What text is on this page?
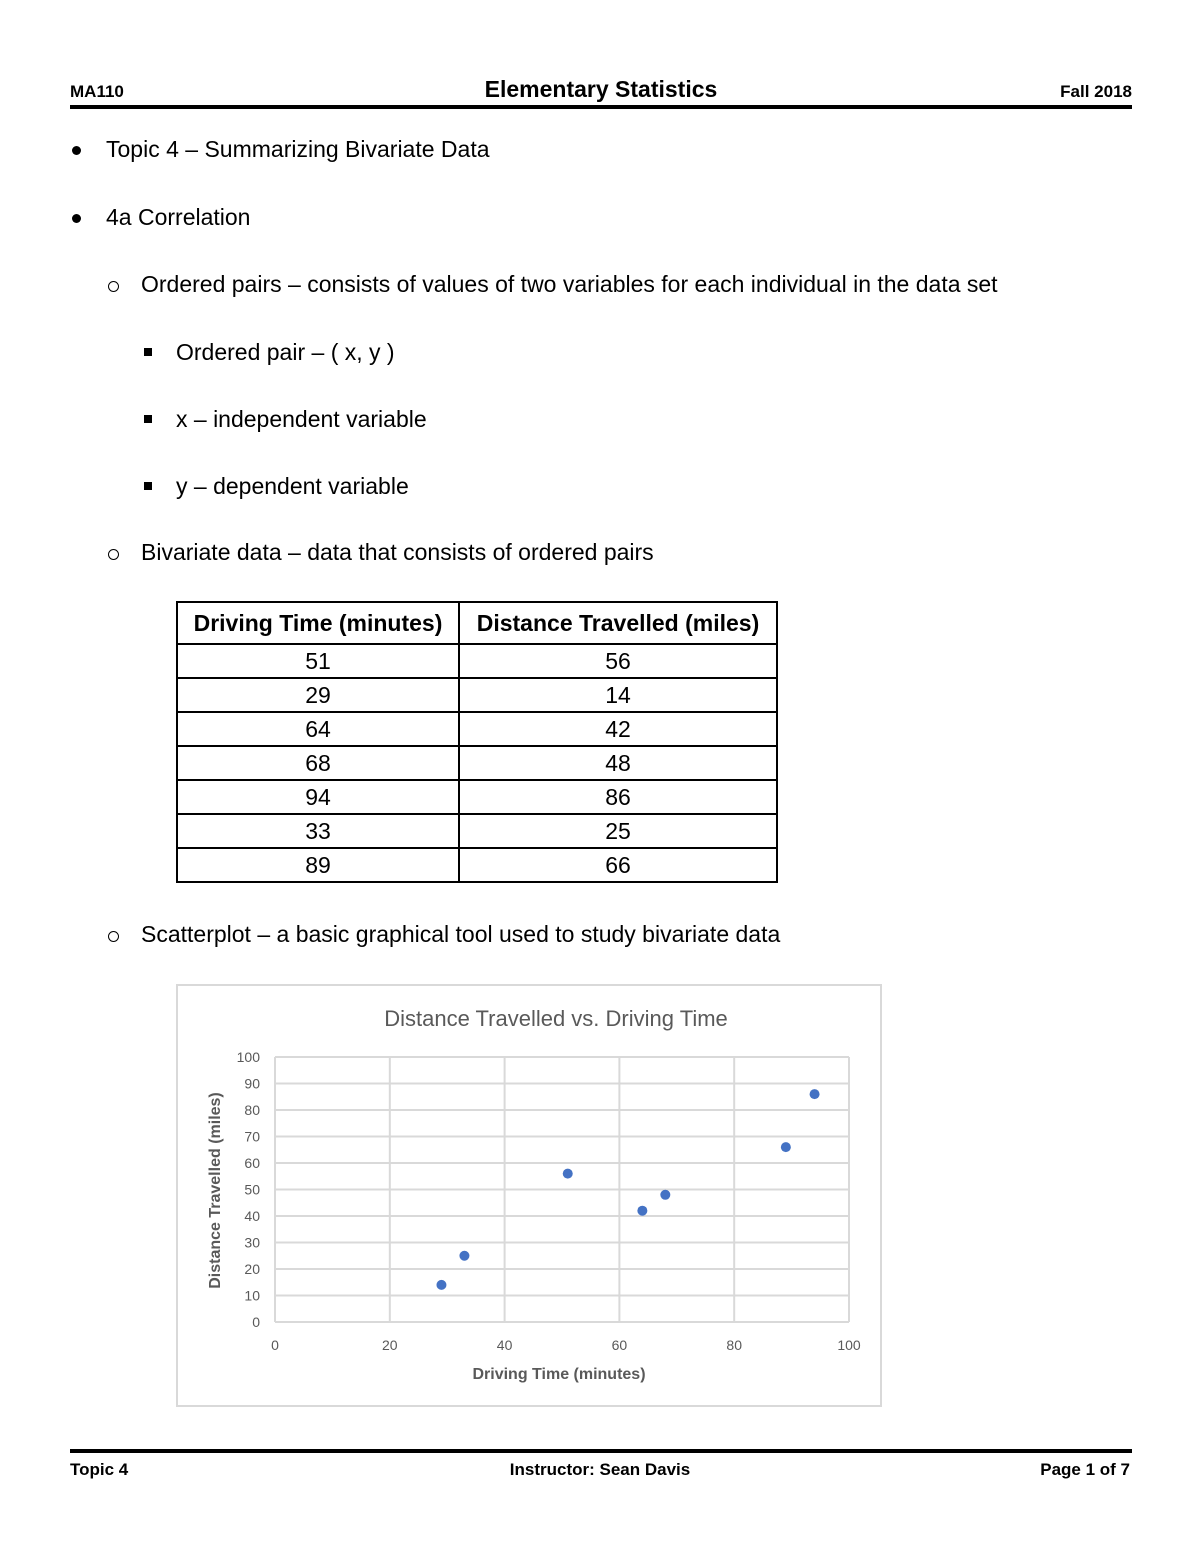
MA110	Elementary Statistics	Fall 2018
Topic 4 – Summarizing Bivariate Data
4a Correlation
Ordered pairs – consists of values of two variables for each individual in the data set
Ordered pair – ( x, y )
x – independent variable
y – dependent variable
Bivariate data – data that consists of ordered pairs
Driving Time (minutes)	Distance Travelled (miles)
51	56
29	14
64	42
68	48
94	86
33	25
89	66
Scatterplot – a basic graphical tool used to study bivariate data
Distance Travelled vs. Driving Time
0
10
20
30
40
50
60
70
80
90
100
0	20	40	60	80	100
Driving Time (minutes)
Distance Travelled (miles)
Topic 4	Instructor: Sean Davis	Page 1 of 7
